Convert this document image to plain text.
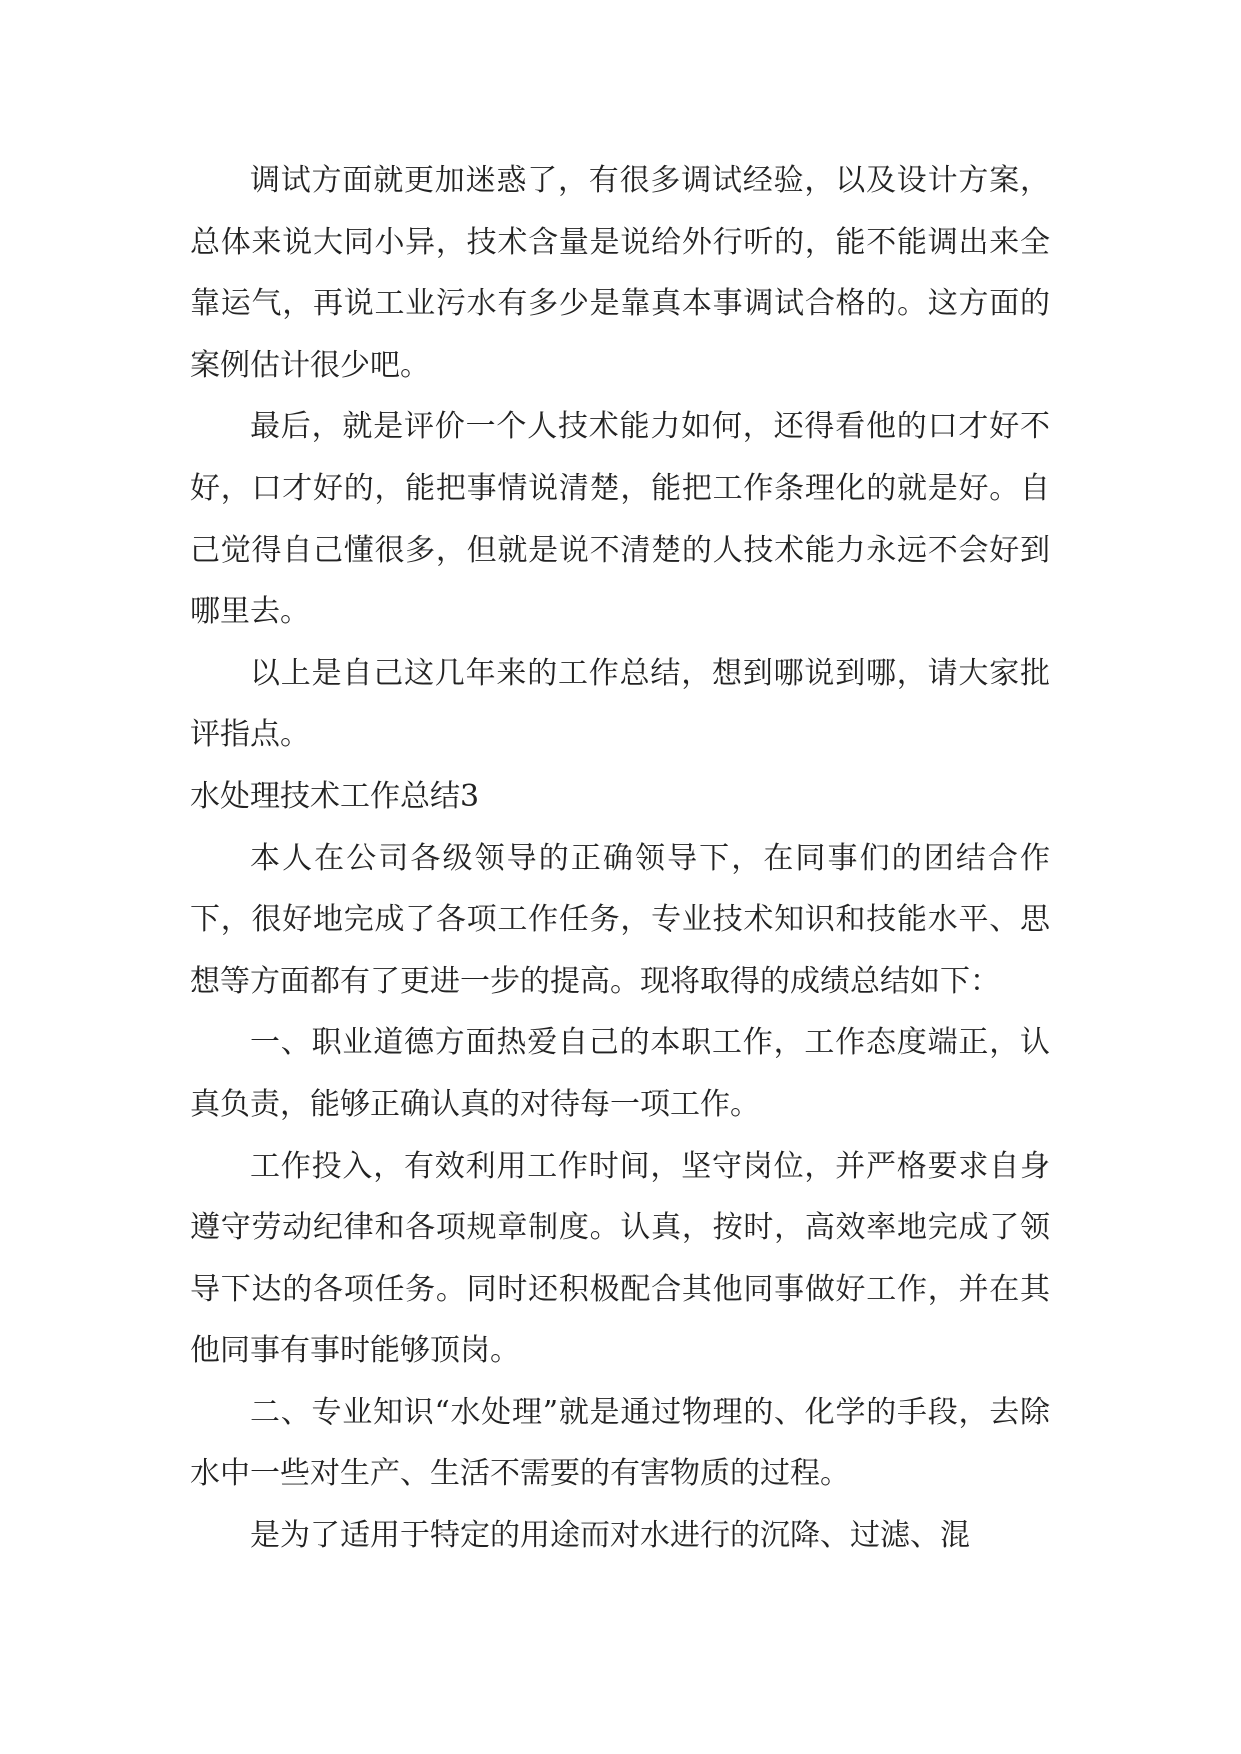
调试方面就更加迷惑了，有很多调试经验，以及设计方案，总体来说大同小异，技术含量是说给外行听的，能不能调出来全靠运气，再说工业污水有多少是靠真本事调试合格的。这方面的案例估计很少吧。

最后，就是评价一个人技术能力如何，还得看他的口才好不好，口才好的，能把事情说清楚，能把工作条理化的就是好。自己觉得自己懂很多，但就是说不清楚的人技术能力永远不会好到哪里去。

以上是自己这几年来的工作总结，想到哪说到哪，请大家批评指点。

水处理技术工作总结3

本人在公司各级领导的正确领导下，在同事们的团结合作下，很好地完成了各项工作任务，专业技术知识和技能水平、思想等方面都有了更进一步的提高。现将取得的成绩总结如下：

一、职业道德方面热爱自己的本职工作，工作态度端正，认真负责，能够正确认真的对待每一项工作。

工作投入，有效利用工作时间，坚守岗位，并严格要求自身遵守劳动纪律和各项规章制度。认真，按时，高效率地完成了领导下达的各项任务。同时还积极配合其他同事做好工作，并在其他同事有事时能够顶岗。

二、专业知识“水处理”就是通过物理的、化学的手段，去除水中一些对生产、生活不需要的有害物质的过程。

是为了适用于特定的用途而对水进行的沉降、过滤、混
